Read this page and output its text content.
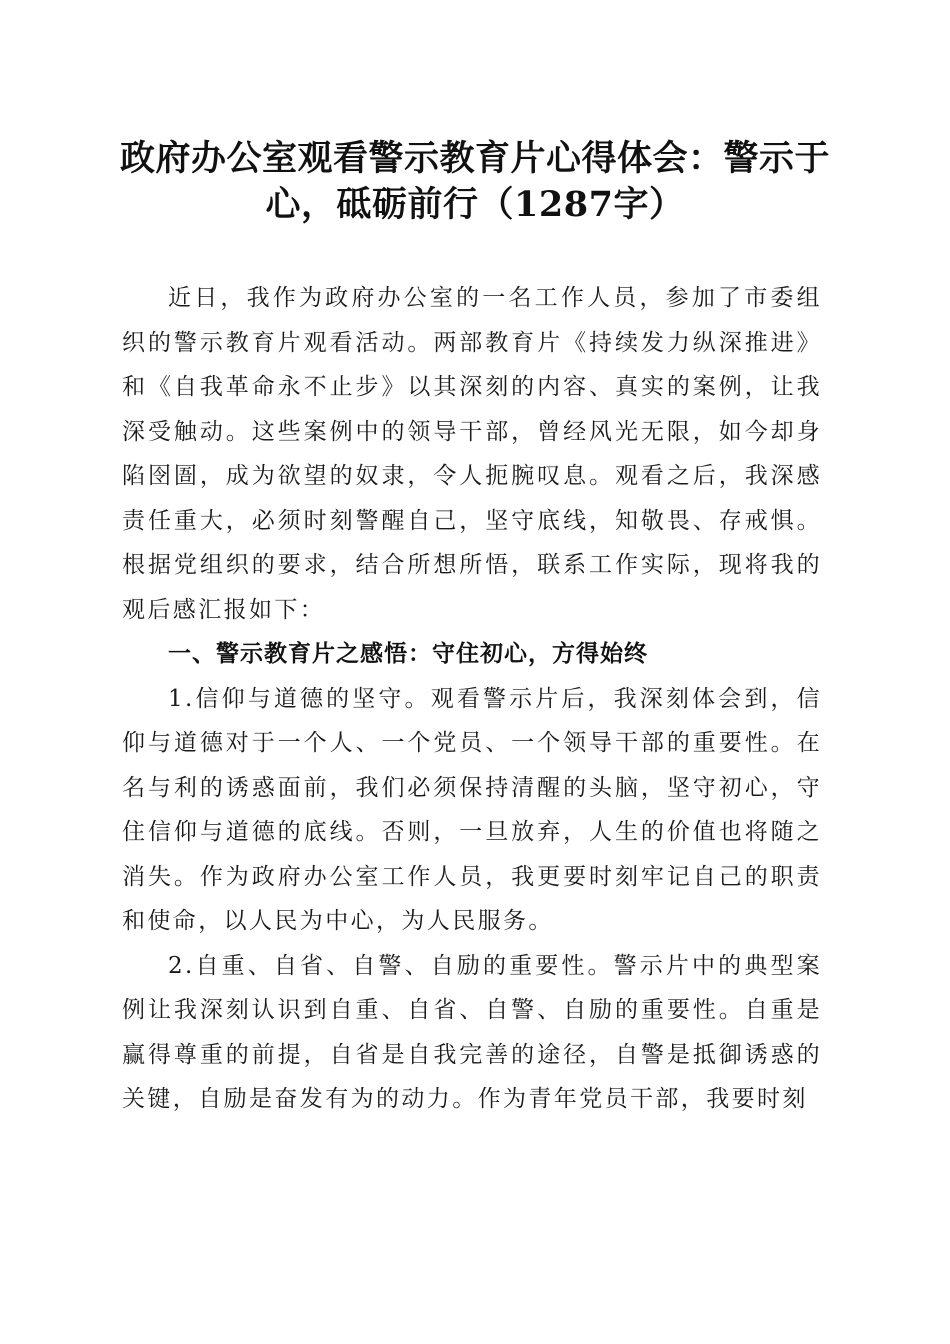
政府办公室观看警示教育片心得体会：警示于心，砥砺前行（1287字）

近日，我作为政府办公室的一名工作人员，参加了市委组织的警示教育片观看活动。两部教育片《持续发力纵深推进》和《自我革命永不止步》以其深刻的内容、真实的案例，让我深受触动。这些案例中的领导干部，曾经风光无限，如今却身陷囹圄，成为欲望的奴隶，令人扼腕叹息。观看之后，我深感责任重大，必须时刻警醒自己，坚守底线，知敬畏、存戒惧。根据党组织的要求，结合所想所悟，联系工作实际，现将我的观后感汇报如下：

一、警示教育片之感悟：守住初心，方得始终

1.信仰与道德的坚守。观看警示片后，我深刻体会到，信仰与道德对于一个人、一个党员、一个领导干部的重要性。在名与利的诱惑面前，我们必须保持清醒的头脑，坚守初心，守住信仰与道德的底线。否则，一旦放弃，人生的价值也将随之消失。作为政府办公室工作人员，我更要时刻牢记自己的职责和使命，以人民为中心，为人民服务。

2.自重、自省、自警、自励的重要性。警示片中的典型案例让我深刻认识到自重、自省、自警、自励的重要性。自重是赢得尊重的前提，自省是自我完善的途径，自警是抵御诱惑的关键，自励是奋发有为的动力。作为青年党员干部，我要时刻
